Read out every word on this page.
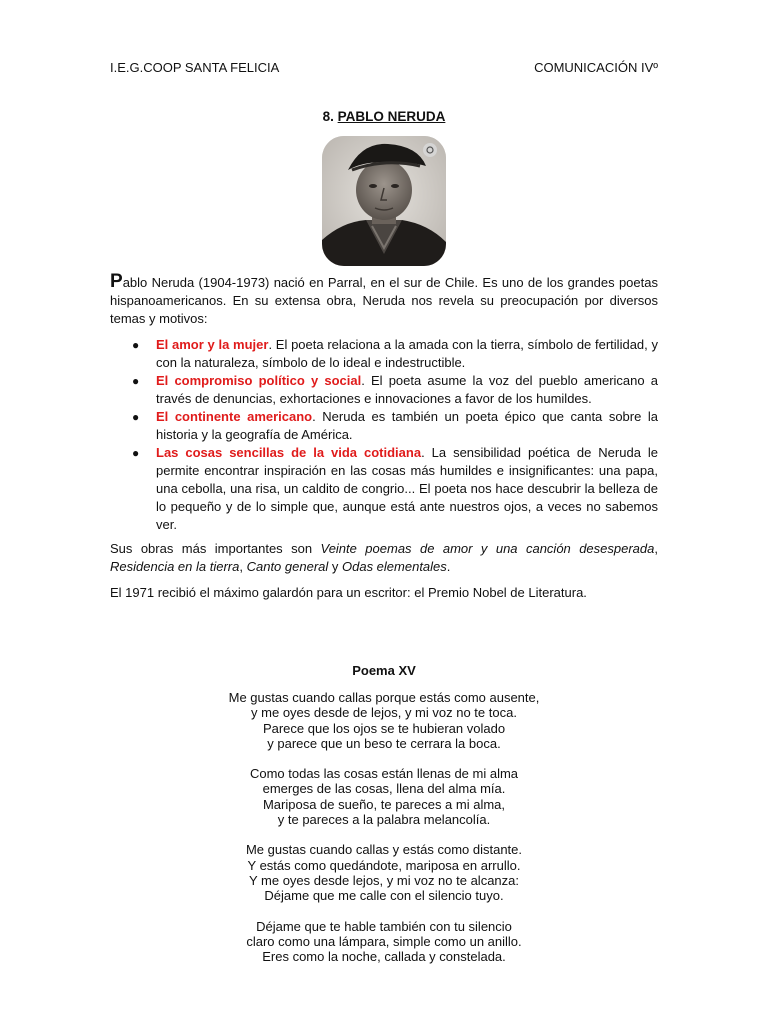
I.E.G.COOP SANTA FELICIA	COMUNICACIÓN IVº
8. PABLO NERUDA

Pablo Neruda (1904-1973) nació en Parral, en el sur de Chile. Es uno de los grandes poetas hispanoamericanos. En su extensa obra, Neruda nos revela su preocupación por diversos temas y motivos:

● El amor y la mujer. El poeta relaciona a la amada con la tierra, símbolo de fertilidad, y con la naturaleza, símbolo de lo ideal e indestructible.
● El compromiso político y social. El poeta asume la voz del pueblo americano a través de denuncias, exhortaciones e innovaciones a favor de los humildes.
● El continente americano. Neruda es también un poeta épico que canta sobre la historia y la geografía de América.
● Las cosas sencillas de la vida cotidiana. La sensibilidad poética de Neruda le permite encontrar inspiración en las cosas más humildes e insignificantes: una papa, una cebolla, una risa, un caldito de congrio... El poeta nos hace descubrir la belleza de lo pequeño y de lo simple que, aunque está ante nuestros ojos, a veces no sabemos ver.

Sus obras más importantes son Veinte poemas de amor y una canción desesperada, Residencia en la tierra, Canto general y Odas elementales.

El 1971 recibió el máximo galardón para un escritor: el Premio Nobel de Literatura.

Poema XV
Me gustas cuando callas porque estás como ausente,
y me oyes desde de lejos, y mi voz no te toca.
Parece que los ojos se te hubieran volado
y parece que un beso te cerrara la boca.
Como todas las cosas están llenas de mi alma
emerges de las cosas, llena del alma mía.
Mariposa de sueño, te pareces a mi alma,
y te pareces a la palabra melancolía.
Me gustas cuando callas y estás como distante.
Y estás como quedándote, mariposa en arrullo.
Y me oyes desde lejos, y mi voz no te alcanza:
Déjame que me calle con el silencio tuyo.
Déjame que te hable también con tu silencio
claro como una lámpara, simple como un anillo.
Eres como la noche, callada y constelada.
